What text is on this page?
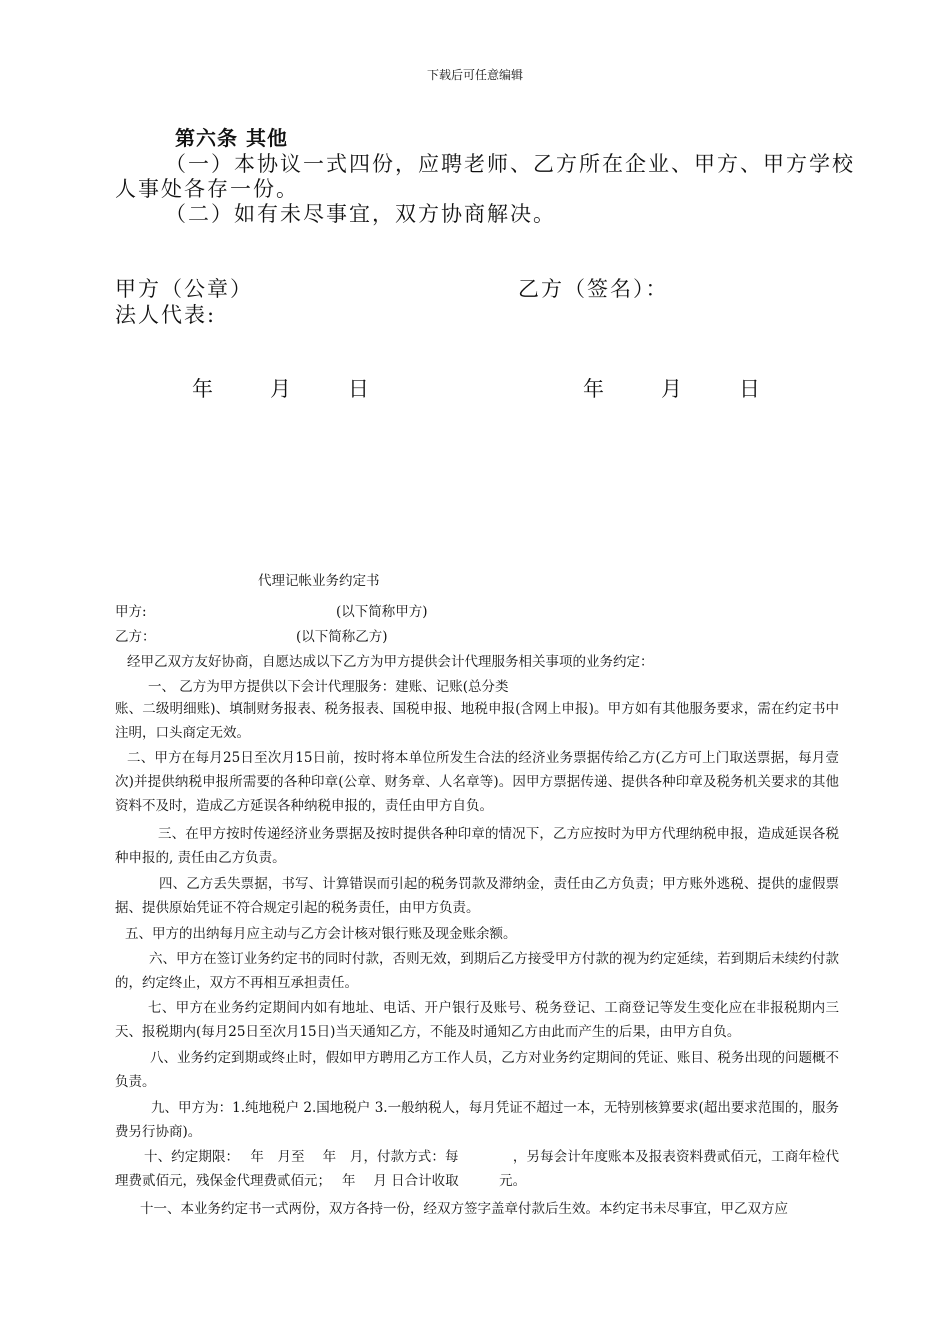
下载后可任意编辑
第六条 其他
（一）本协议一式四份，应聘老师、乙方所在企业、甲方、甲方学校
人事处各存一份。
（二）如有未尽事宜，双方协商解决。
甲方（公章）	乙方（签名）：
法人代表:
年	月	日	年	月	日
代理记帐业务约定书
甲方:	(以下简称甲方)
乙方：	(以下简称乙方)
经甲乙双方友好协商，自愿达成以下乙方为甲方提供会计代理服务相关事项的业务约定：
一、 乙方为甲方提供以下会计代理服务：建账、记账(总分类
账、二级明细账)、填制财务报表、税务报表、国税申报、地税申报(含网上申报)。甲方如有其他服务要求，需在约定书中注明，口头商定无效。
二、甲方在每月25日至次月15日前，按时将本单位所发生合法的经济业务票据传给乙方(乙方可上门取送票据，每月壹次)并提供纳税申报所需要的各种印章(公章、财务章、人名章等)。因甲方票据传递、提供各种印章及税务机关要求的其他资料不及时，造成乙方延误各种纳税申报的，责任由甲方自负。
三、在甲方按时传递经济业务票据及按时提供各种印章的情况下，乙方应按时为甲方代理纳税申报，造成延误各税种申报的, 责任由乙方负责。
四、乙方丢失票据，书写、计算错误而引起的税务罚款及滞纳金，责任由乙方负责；甲方账外逃税、提供的虚假票据、提供原始凭证不符合规定引起的税务责任，由甲方负责。
五、甲方的出纳每月应主动与乙方会计核对银行账及现金账余额。
六、甲方在签订业务约定书的同时付款，否则无效，到期后乙方接受甲方付款的视为约定延续，若到期后未续约付款的，约定终止，双方不再相互承担责任。
七、甲方在业务约定期间内如有地址、电话、开户银行及账号、税务登记、工商登记等发生变化应在非报税期内三天、报税期内(每月25日至次月15日)当天通知乙方，不能及时通知乙方由此而产生的后果，由甲方自负。
八、业务约定到期或终止时，假如甲方聘用乙方工作人员，乙方对业务约定期间的凭证、账目、税务出现的问题概不负责。
九、甲方为：1.纯地税户 2.国地税户 3.一般纳税人，每月凭证不超过一本，无特别核算要求(超出要求范围的，服务费另行协商)。
十、约定期限：　 年　月至　 年　月，付款方式：每　　　　，另每会计年度账本及报表资料费贰佰元，工商年检代理费贰佰元，残保金代理费贰佰元；　 年　 月 日合计收取　　　元。
十一、本业务约定书一式两份，双方各持一份，经双方签字盖章付款后生效。本约定书未尽事宜，甲乙双方应
